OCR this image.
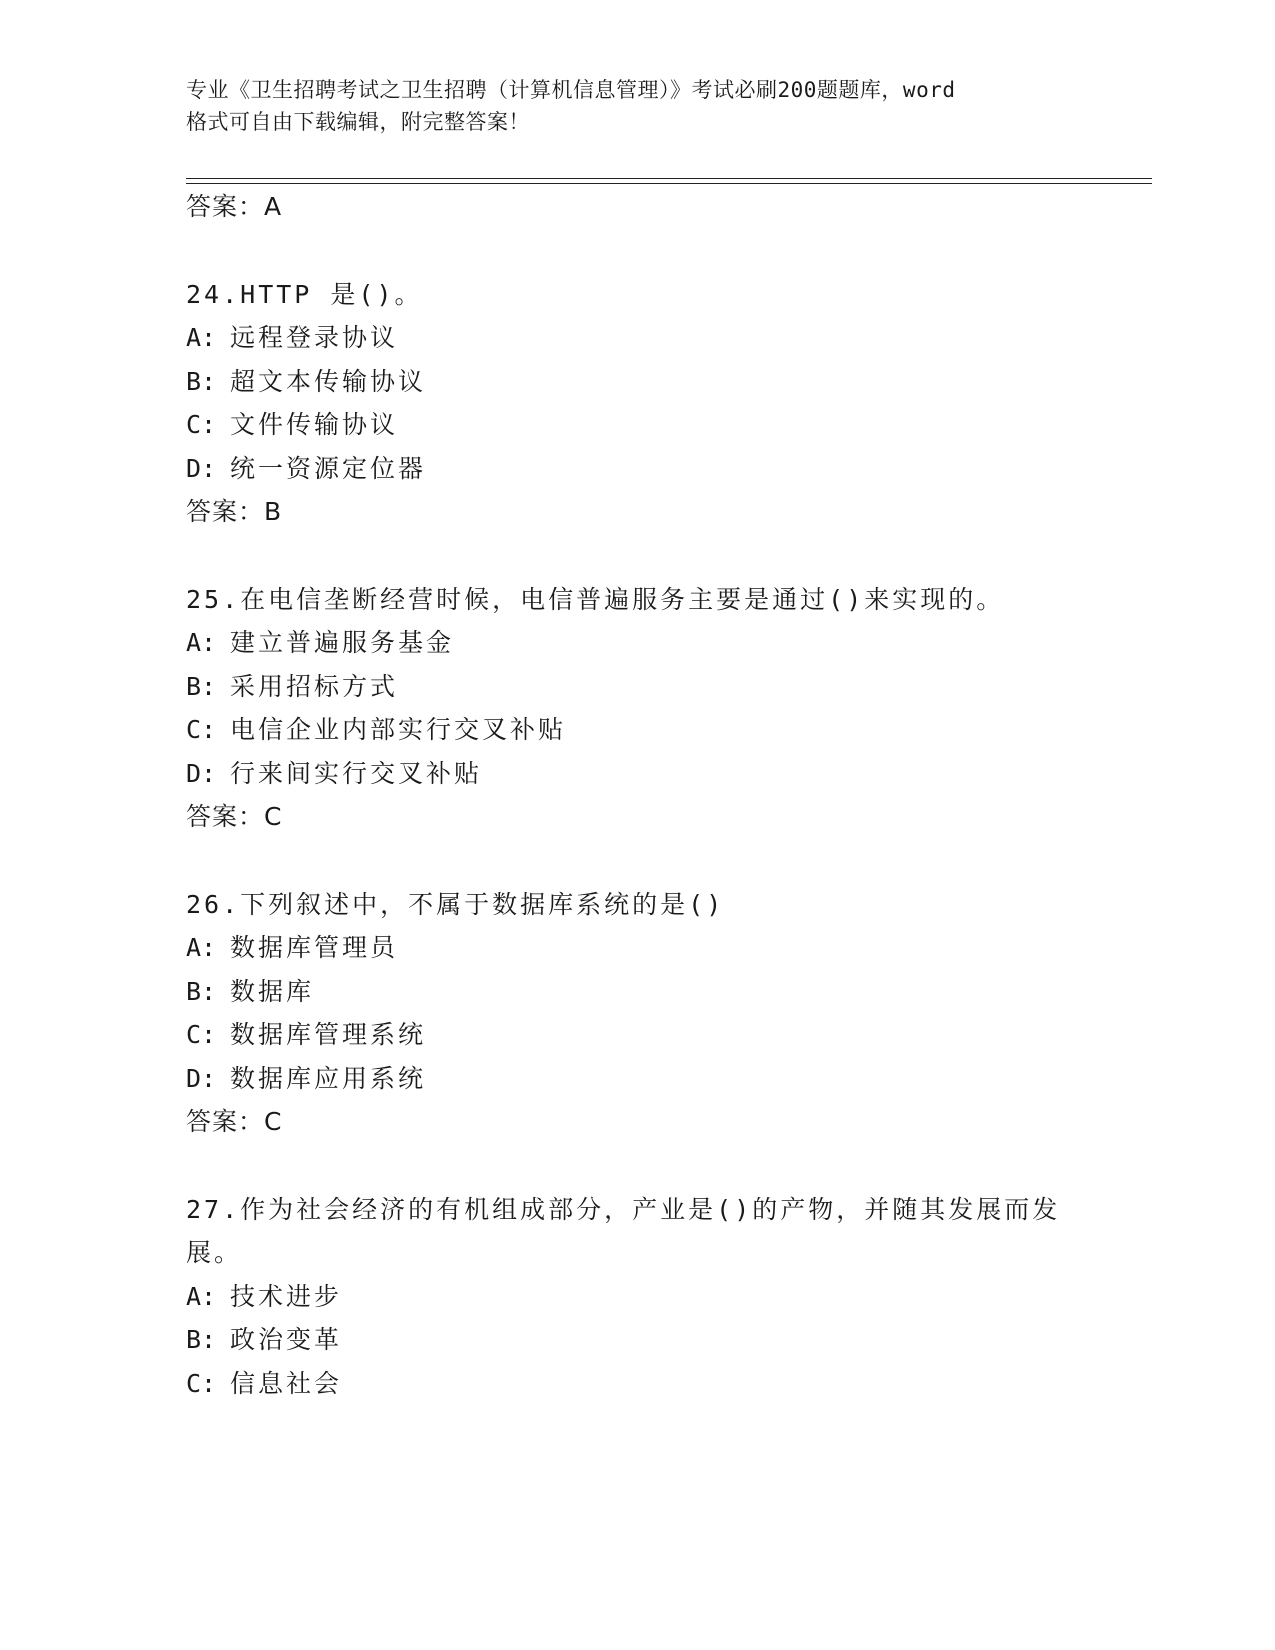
专业《卫生招聘考试之卫生招聘（计算机信息管理）》考试必刷200题题库，word
格式可自由下载编辑，附完整答案！
答案：A
24.HTTP 是()。
A: 远程登录协议
B: 超文本传输协议
C: 文件传输协议
D: 统一资源定位器
答案：B
25.在电信垄断经营时候，电信普遍服务主要是通过()来实现的。
A: 建立普遍服务基金
B: 采用招标方式
C: 电信企业内部实行交叉补贴
D: 行来间实行交叉补贴
答案：C
26.下列叙述中，不属于数据库系统的是()
A: 数据库管理员
B: 数据库
C: 数据库管理系统
D: 数据库应用系统
答案：C
27.作为社会经济的有机组成部分，产业是()的产物，并随其发展而发
展。
A: 技术进步
B: 政治变革
C: 信息社会
